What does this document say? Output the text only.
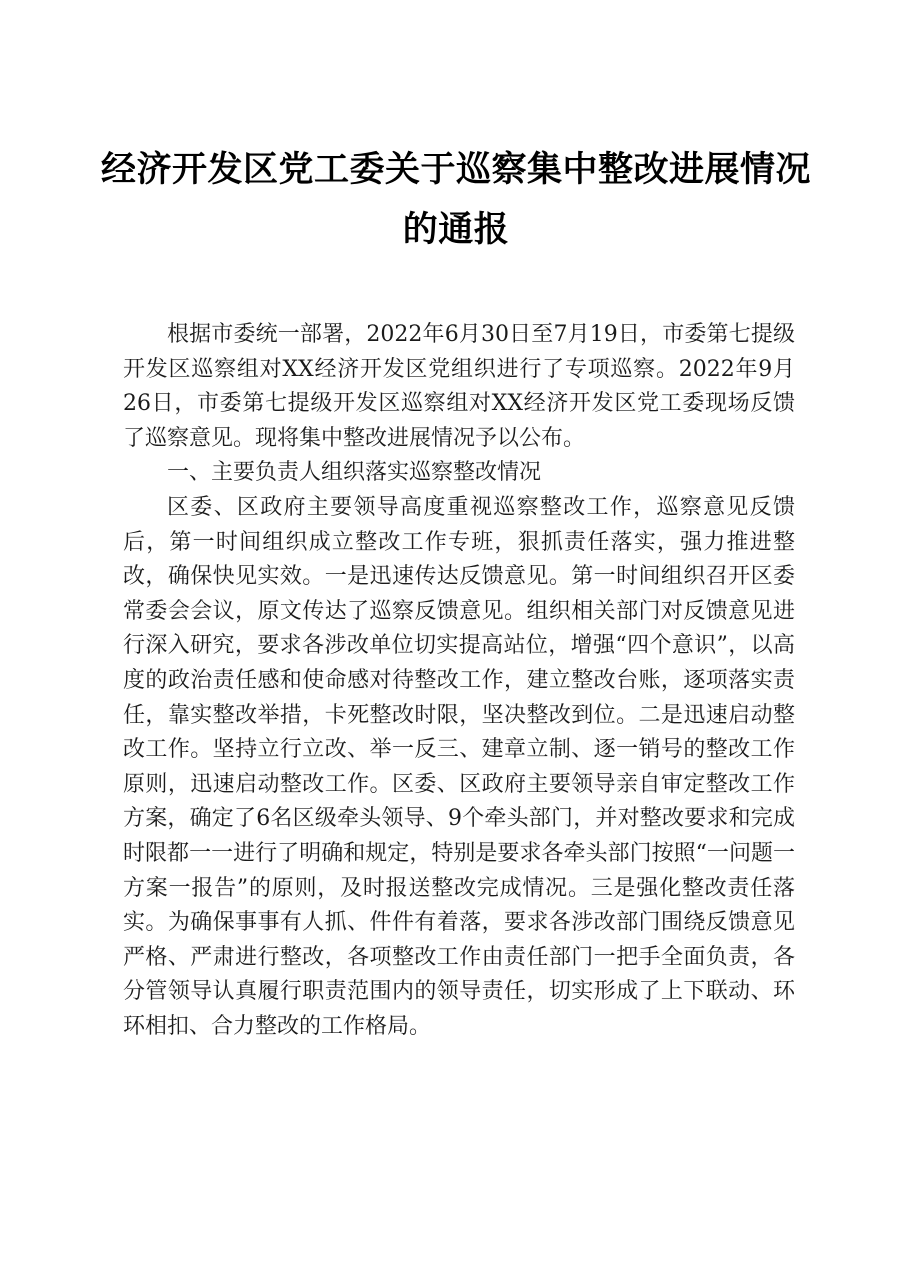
经济开发区党工委关于巡察集中整改进展情况
的通报

根据市委统一部署，2022年6月30日至7月19日，市委第七提级开发区巡察组对XX经济开发区党组织进行了专项巡察。2022年9月26日，市委第七提级开发区巡察组对XX经济开发区党工委现场反馈了巡察意见。现将集中整改进展情况予以公布。

一、主要负责人组织落实巡察整改情况

区委、区政府主要领导高度重视巡察整改工作，巡察意见反馈后，第一时间组织成立整改工作专班，狠抓责任落实，强力推进整改，确保快见实效。一是迅速传达反馈意见。第一时间组织召开区委常委会会议，原文传达了巡察反馈意见。组织相关部门对反馈意见进行深入研究，要求各涉改单位切实提高站位，增强“四个意识”，以高度的政治责任感和使命感对待整改工作，建立整改台账，逐项落实责任，靠实整改举措，卡死整改时限，坚决整改到位。二是迅速启动整改工作。坚持立行立改、举一反三、建章立制、逐一销号的整改工作原则，迅速启动整改工作。区委、区政府主要领导亲自审定整改工作方案，确定了6名区级牵头领导、9个牵头部门，并对整改要求和完成时限都一一进行了明确和规定，特别是要求各牵头部门按照“一问题一方案一报告”的原则，及时报送整改完成情况。三是强化整改责任落实。为确保事事有人抓、件件有着落，要求各涉改部门围绕反馈意见严格、严肃进行整改，各项整改工作由责任部门一把手全面负责，各分管领导认真履行职责范围内的领导责任，切实形成了上下联动、环环相扣、合力整改的工作格局。
